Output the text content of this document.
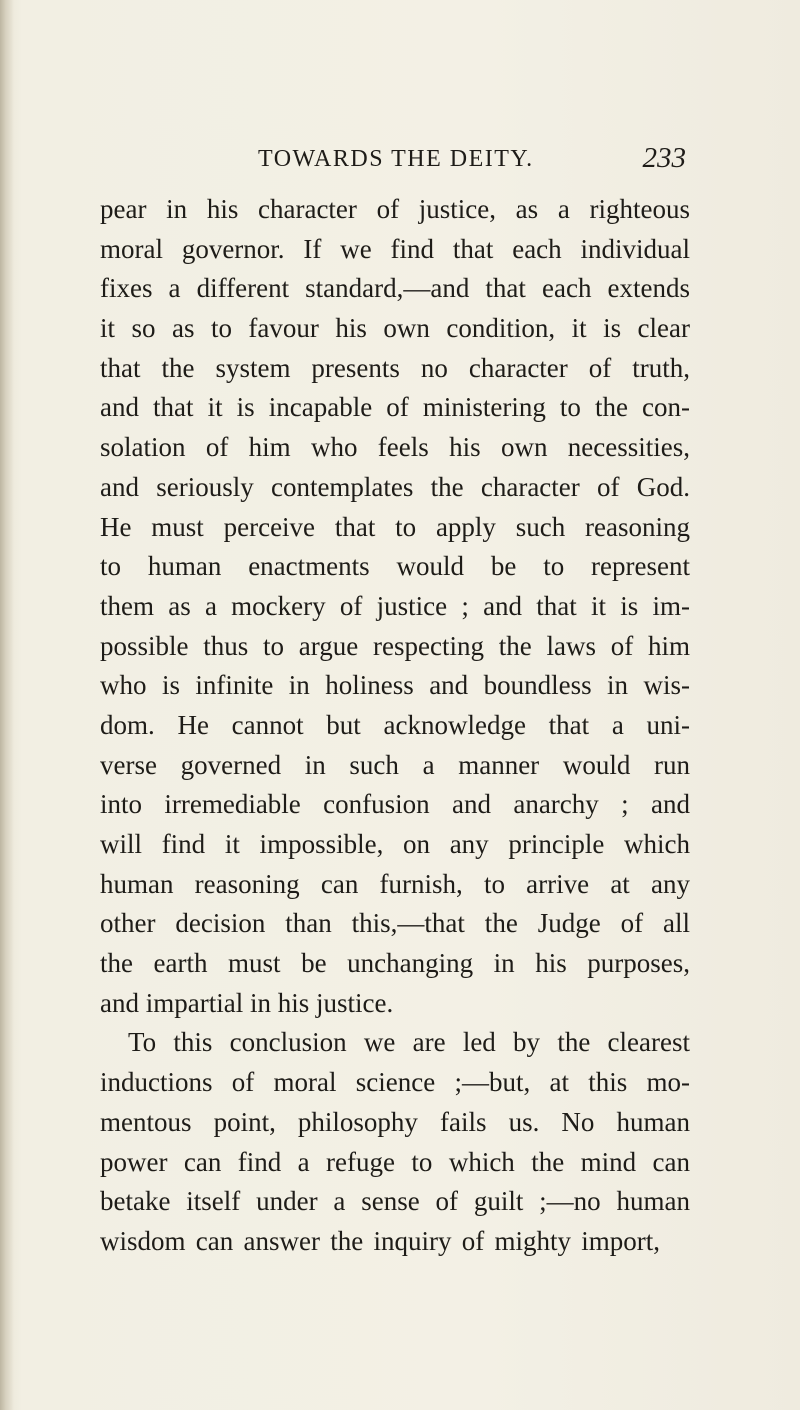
TOWARDS THE DEITY.	233
pear in his character of justice, as a righteous
moral governor. If we find that each individual
fixes a different standard,—and that each extends
it so as to favour his own condition, it is clear
that the system presents no character of truth,
and that it is incapable of ministering to the con-
solation of him who feels his own necessities,
and seriously contemplates the character of God.
He must perceive that to apply such reasoning
to human enactments would be to represent
them as a mockery of justice ; and that it is im-
possible thus to argue respecting the laws of him
who is infinite in holiness and boundless in wis-
dom. He cannot but acknowledge that a uni-
verse governed in such a manner would run
into irremediable confusion and anarchy ; and
will find it impossible, on any principle which
human reasoning can furnish, to arrive at any
other decision than this,—that the Judge of all
the earth must be unchanging in his purposes,
and impartial in his justice.
To this conclusion we are led by the clearest
inductions of moral science ;—but, at this mo-
mentous point, philosophy fails us. No human
power can find a refuge to which the mind can
betake itself under a sense of guilt ;—no human
wisdom can answer the inquiry of mighty import,
